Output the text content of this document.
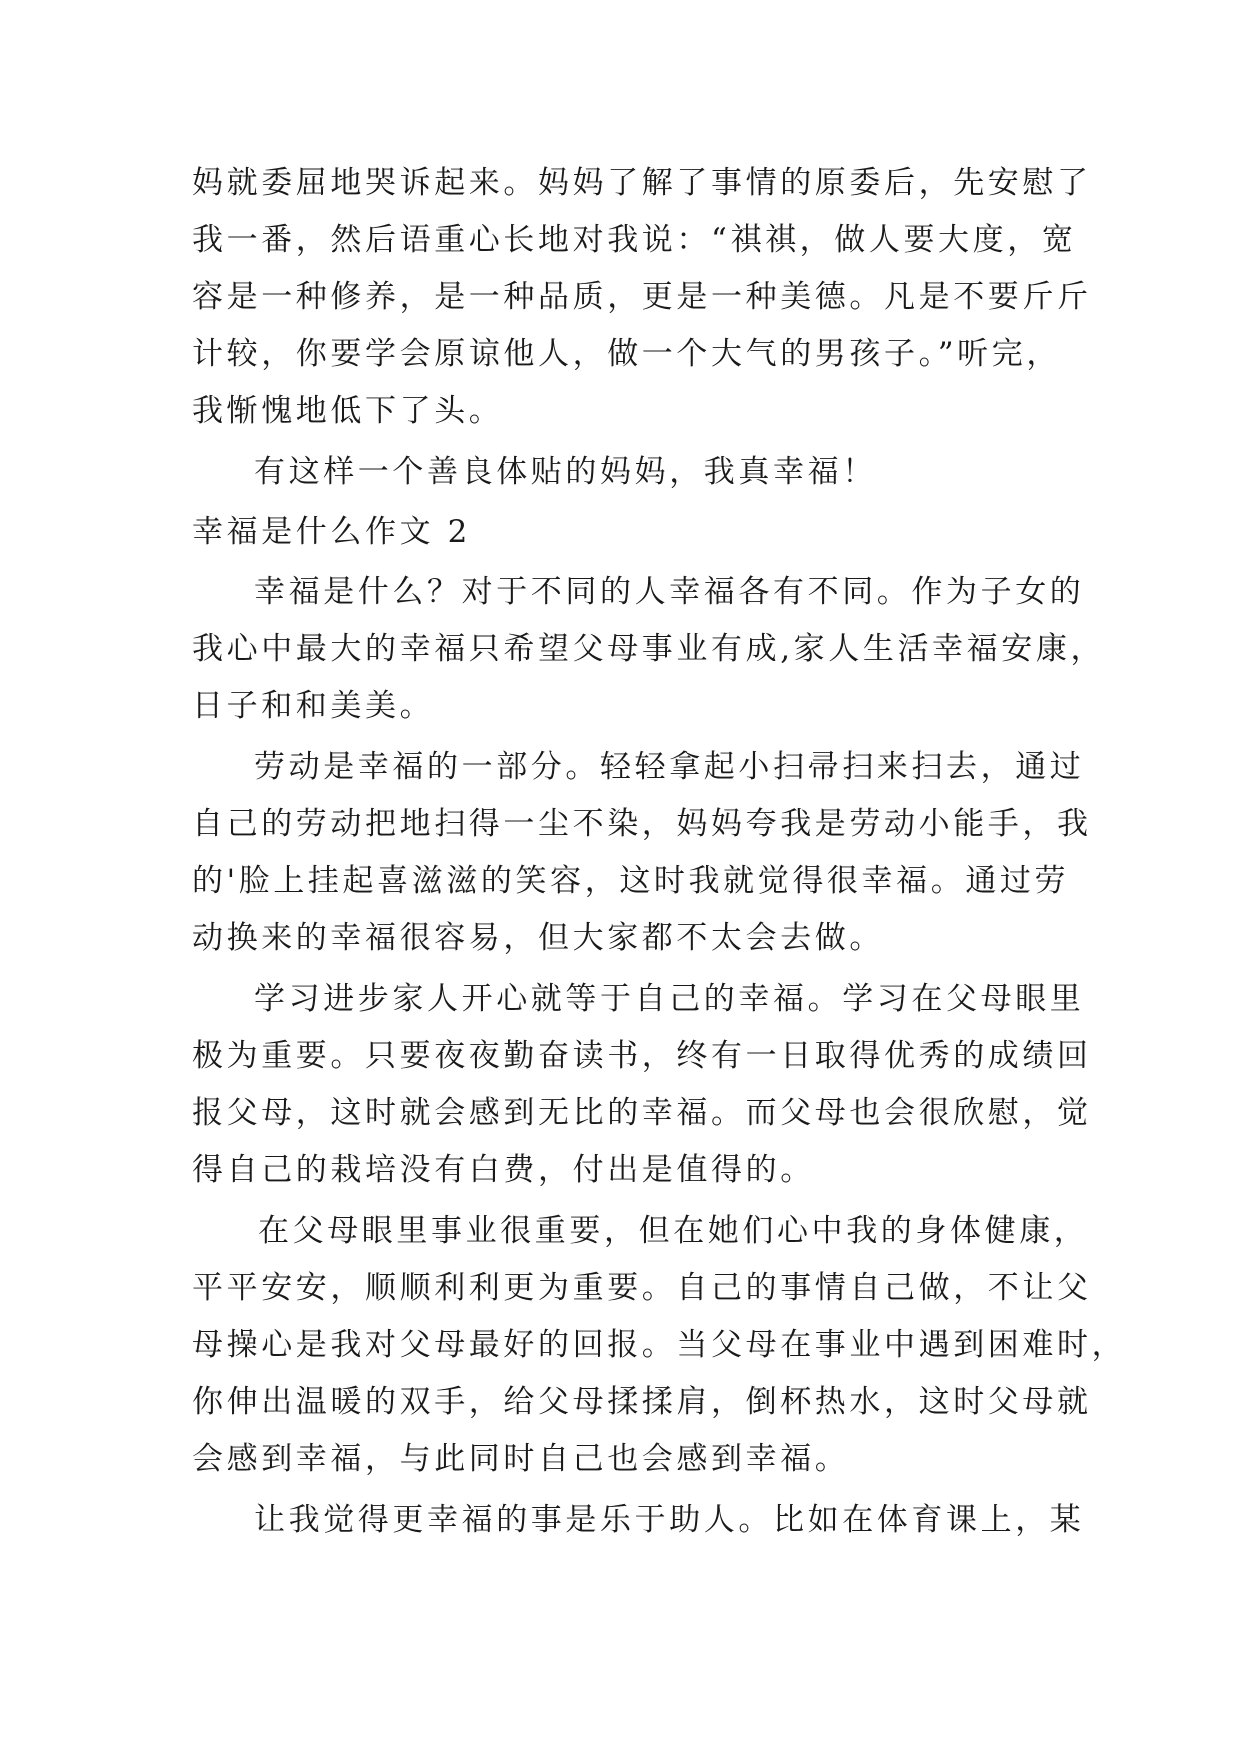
妈就委屈地哭诉起来。妈妈了解了事情的原委后，先安慰了
我一番，然后语重心长地对我说：“祺祺，做人要大度，宽
容是一种修养，是一种品质，更是一种美德。凡是不要斤斤
计较，你要学会原谅他人，做一个大气的男孩子。”听完，
我惭愧地低下了头。
有这样一个善良体贴的妈妈，我真幸福！
幸福是什么作文 2
幸福是什么？对于不同的人幸福各有不同。作为子女的
我心中最大的幸福只希望父母事业有成,家人生活幸福安康，
日子和和美美。
劳动是幸福的一部分。轻轻拿起小扫帚扫来扫去，通过
自己的劳动把地扫得一尘不染，妈妈夸我是劳动小能手，我
的'脸上挂起喜滋滋的笑容，这时我就觉得很幸福。通过劳
动换来的幸福很容易，但大家都不太会去做。
学习进步家人开心就等于自己的幸福。学习在父母眼里
极为重要。只要夜夜勤奋读书，终有一日取得优秀的成绩回
报父母，这时就会感到无比的幸福。而父母也会很欣慰，觉
得自己的栽培没有白费，付出是值得的。
在父母眼里事业很重要，但在她们心中我的身体健康，
平平安安，顺顺利利更为重要。自己的事情自己做，不让父
母操心是我对父母最好的回报。当父母在事业中遇到困难时，
你伸出温暖的双手，给父母揉揉肩，倒杯热水，这时父母就
会感到幸福，与此同时自己也会感到幸福。
让我觉得更幸福的事是乐于助人。比如在体育课上，某
